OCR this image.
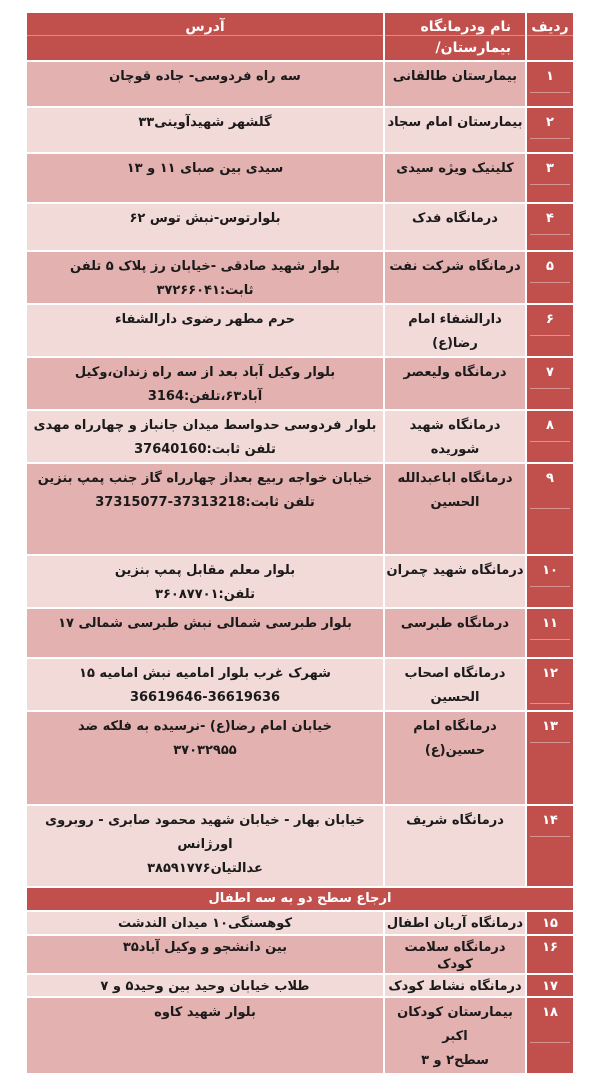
ردیف
نام ودرمانگاه
بیمارستان/
آدرس
۱
بیمارستان طالقانی
سه راه فردوسی- جاده قوچان
۲
بیمارستان امام سجاد
گلشهر شهیدآوینی۳۳
۳
کلینیک ویژه سیدی
سیدی بین صبای ۱۱ و ۱۳
۴
درمانگاه فدک
بلوارتوس-نبش توس ۶۲
۵
درمانگاه شرکت نفت
بلوار شهید صادقی -خیابان رز پلاک ۵ تلفن ثابت:۳۷۲۶۶۰۴۱
۶
دارالشفاء امام رضا(ع)
حرم مطهر رضوی دارالشفاء
۷
درمانگاه ولیعصر
بلوار وکیل آباد بعد از سه راه زندان،وکیل آباد۶۳،تلفن:3164
۸
درمانگاه شهید شوریده
بلوار فردوسی حدواسط میدان جانباز و چهارراه مهدی
تلفن ثابت:37640160
۹
درمانگاه اباعبدالله
الحسین
خیابان خواجه ربیع بعداز چهارراه گاز جنب پمپ بنزین
تلفن ثابت:37313218-37315077
۱۰
درمانگاه شهید چمران
بلوار معلم مقابل پمپ بنزین
تلفن:۳۶۰۸۷۷۰۱
۱۱
درمانگاه طبرسی
بلوار طبرسی شمالی نبش طبرسی شمالی ۱۷
۱۲
درمانگاه اصحاب
الحسین
شهرک غرب بلوار امامیه نبش امامیه ۱۵
36619646-36619636
۱۳
درمانگاه امام حسین(ع)
خیابان امام رضا(ع) -نرسیده به فلکه ضد
۳۷۰۳۲۹۵۵
۱۴
درمانگاه شریف
خیابان بهار - خیابان شهید محمود صابری - روبروی اورژانس
عدالتیان۳۸۵۹۱۷۷۶
ارجاع سطح دو به سه اطفال
۱۵
درمانگاه آریان اطفال
کوهسنگی۱۰ میدان الندشت
۱۶
درمانگاه سلامت کودک
بین دانشجو و وکیل آباد۳۵
۱۷
درمانگاه نشاط کودک
طلاب خیابان وحید بین وحید۵ و ۷
۱۸
بیمارستان کودکان اکبر
سطح۲ و ۳
بلوار شهید کاوه
